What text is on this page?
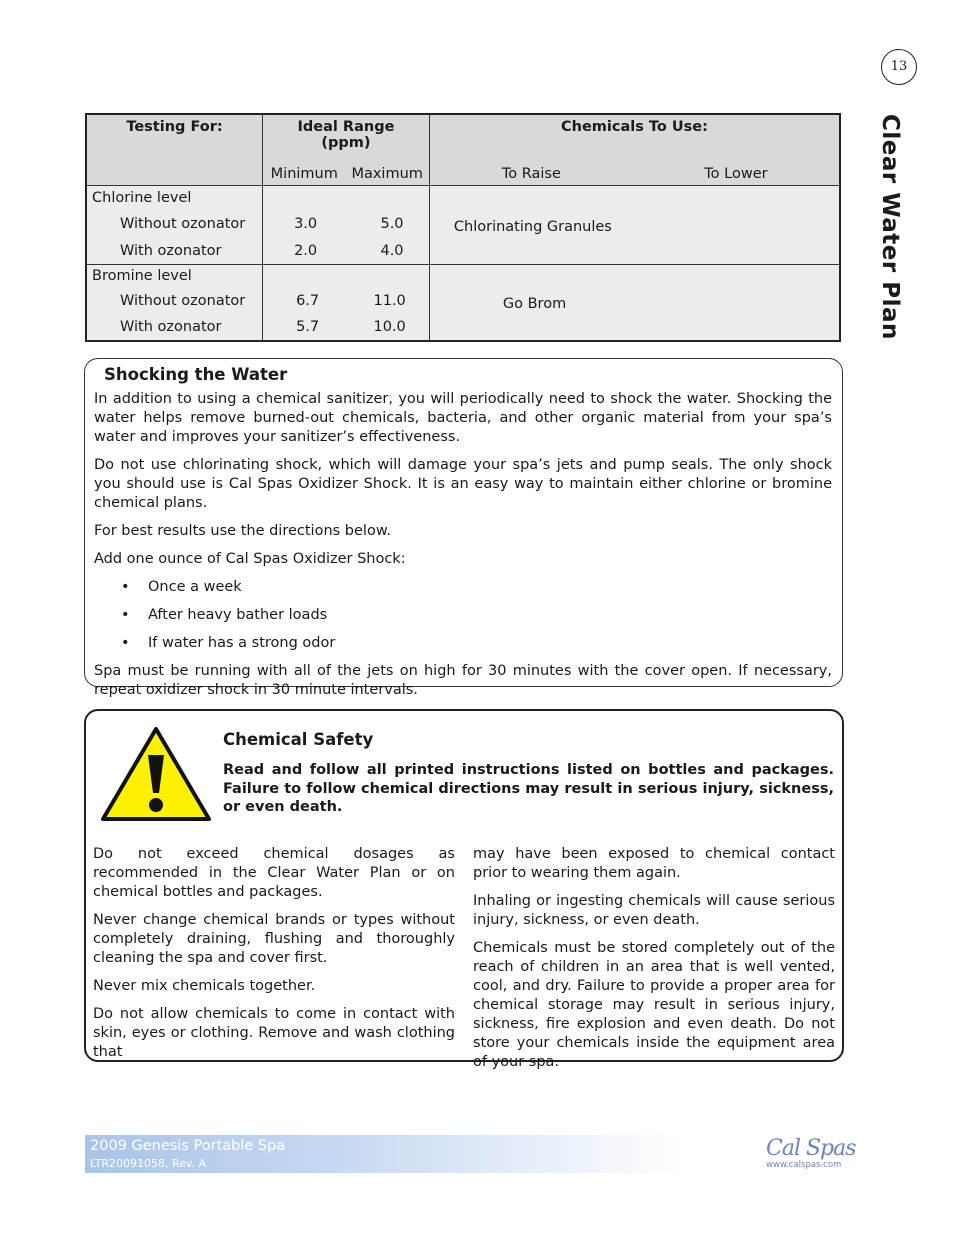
13
Clear Water Plan
Testing For:	Ideal Range (ppm)		Chemicals To Use:	
	Minimum	Maximum	To Raise	To Lower
Chlorine level			Chlorinating Granules	
Without ozonator	3.0	5.0		
With ozonator	2.0	4.0		
Bromine level			Go Brom	
Without ozonator	6.7	11.0		
With ozonator	5.7	10.0		
Shocking the Water

In addition to using a chemical sanitizer, you will periodically need to shock the water. Shocking the water helps remove burned-out chemicals, bacteria, and other organic material from your spa’s water and improves your sanitizer’s effectiveness.

Do not use chlorinating shock, which will damage your spa’s jets and pump seals. The only shock you should use is Cal Spas Oxidizer Shock. It is an easy way to maintain either chlorine or bromine chemical plans.

For best results use the directions below.

Add one ounce of Cal Spas Oxidizer Shock:

• Once a week
• After heavy bather loads
• If water has a strong odor

Spa must be running with all of the jets on high for 30 minutes with the cover open. If necessary, repeat oxidizer shock in 30 minute intervals.

Chemical Safety

Read and follow all printed instructions listed on bottles and packages. Failure to follow chemical directions may result in serious injury, sickness, or even death.

Do not exceed chemical dosages as recommended in the Clear Water Plan or on chemical bottles and packages.

Never change chemical brands or types without completely draining, flushing and thoroughly cleaning the spa and cover first.

Never mix chemicals together.

Do not allow chemicals to come in contact with skin, eyes or clothing. Remove and wash clothing that

may have been exposed to chemical contact prior to wearing them again.

Inhaling or ingesting chemicals will cause serious injury, sickness, or even death.

Chemicals must be stored completely out of the reach of children in an area that is well vented, cool, and dry. Failure to provide a proper area for chemical storage may result in serious injury, sickness, fire explosion and even death. Do not store your chemicals inside the equipment area of your spa.

2009 Genesis Portable Spa
LTR20091058, Rev. A
Cal Spas
www.calspas.com
